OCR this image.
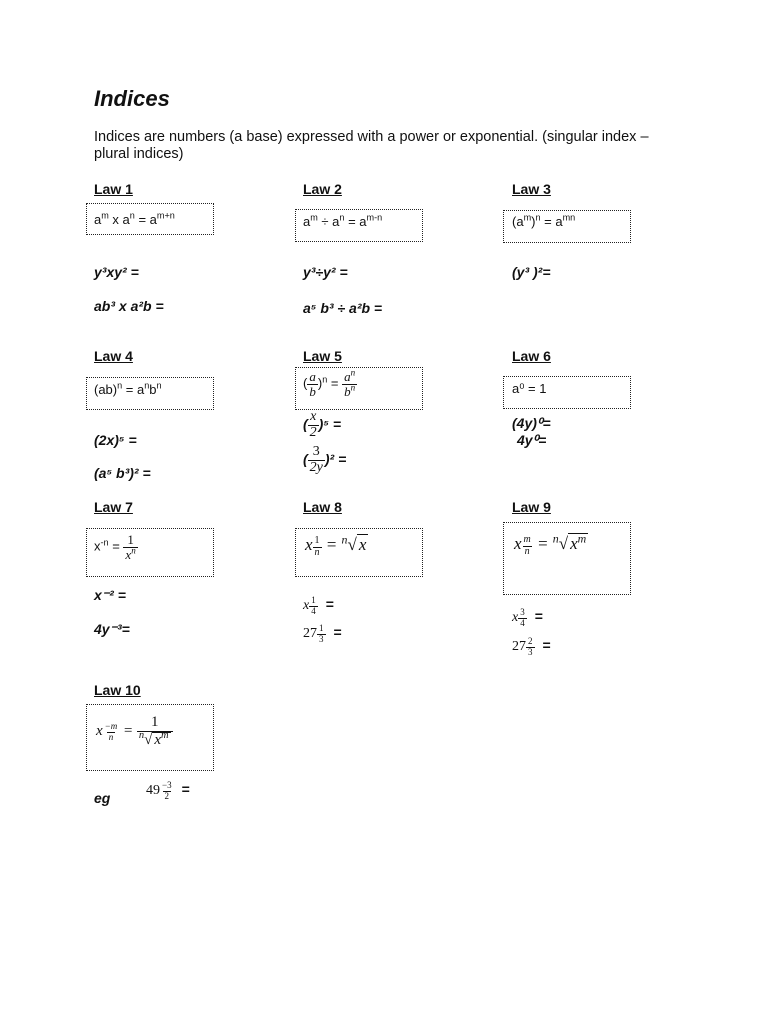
Indices
Indices are numbers (a base) expressed with a power or exponential. (singular index – plural indices)
Law 1
$a^m$ x $a^n = a^{m+n}$
y³xy² =
ab³ x a²b =
Law 2
$a^m \div a^n = a^{m-n}$
y³÷y² =
a⁵ b³ ÷ a²b =
Law 3
$(a^m)^n = a^{mn}$
(y³ )²=
Law 4
$(ab)^n = a^nb^n$
(2x)⁵ =
(a⁵ b³)² =
Law 5
( $\frac{a}{b} )^n = \frac{a^n}{b^n}$
( $\frac{x}{2} )^5$ =
( $\frac{3}{2y} )^2$ =
Law 6
a⁰ = 1
(4y)⁰=
4y⁰=
Law 7
$x^{-n} = \frac{1}{x^n}$
x⁻² =
4y⁻³=
Law 8
x $\frac{1}{n} = ^n√$ x
x $\frac{1}{4}$ =
$27 \frac{1}{3}$ =
Law 9
x $\frac{m}{n} = ^n√$ $x^m$
x $\frac{3}{4}$ =
$27 \frac{2}{3}$ =
Law 10
x $\frac{-m}{n} = \frac{1}{^n√ x^m}$
eg	$49 \frac{-3}{2}$ =
